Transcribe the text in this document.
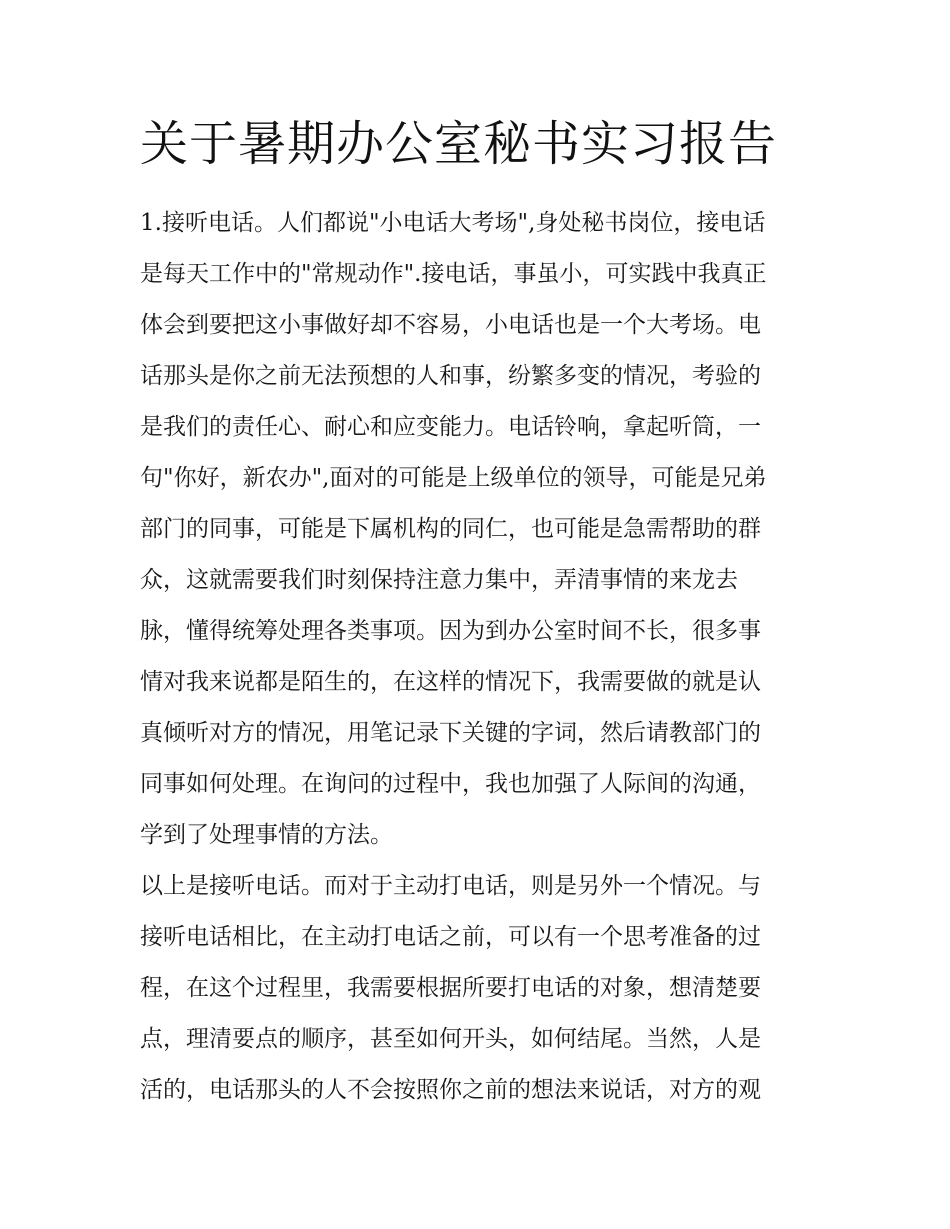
关于暑期办公室秘书实习报告
1.接听电话。人们都说"小电话大考场",身处秘书岗位，接电话
是每天工作中的"常规动作".接电话，事虽小，可实践中我真正
体会到要把这小事做好却不容易，小电话也是一个大考场。电
话那头是你之前无法预想的人和事，纷繁多变的情况，考验的
是我们的责任心、耐心和应变能力。电话铃响，拿起听筒，一
句"你好，新农办",面对的可能是上级单位的领导，可能是兄弟
部门的同事，可能是下属机构的同仁，也可能是急需帮助的群
众，这就需要我们时刻保持注意力集中，弄清事情的来龙去
脉，懂得统筹处理各类事项。因为到办公室时间不长，很多事
情对我来说都是陌生的，在这样的情况下，我需要做的就是认
真倾听对方的情况，用笔记录下关键的字词，然后请教部门的
同事如何处理。在询问的过程中，我也加强了人际间的沟通，
学到了处理事情的方法。
以上是接听电话。而对于主动打电话，则是另外一个情况。与
接听电话相比，在主动打电话之前，可以有一个思考准备的过
程，在这个过程里，我需要根据所要打电话的对象，想清楚要
点，理清要点的顺序，甚至如何开头，如何结尾。当然，人是
活的，电话那头的人不会按照你之前的想法来说话，对方的观
